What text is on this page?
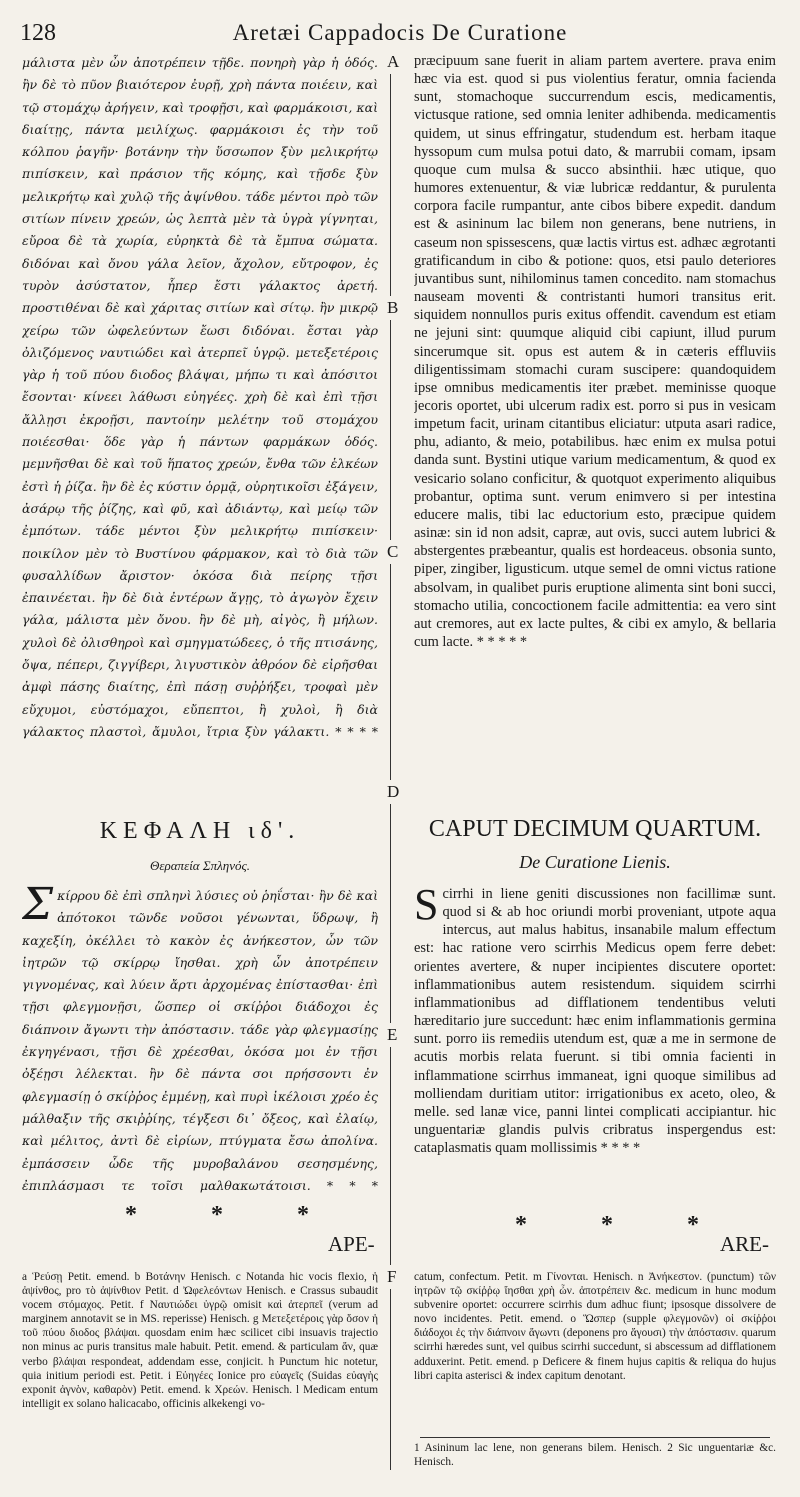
128	Aretæi Cappadocis De Curatione
A
B
C
D
E
F
μάλιστα μὲν ὦν ἀποτρέπειν τῇδε. πονηρὴ γὰρ ἡ ὁδός. ἢν δὲ τὸ πῦον βιαιότερον ἐυρῇ, χρὴ πάντα ποιέειν, καὶ τῷ στομάχῳ ἀρήγειν, καὶ τροφῇσι, καὶ φαρμάκοισι, καὶ διαίτῃς, πάντα μειλίχως. φαρμάκοισι ἐς τὴν τοῦ κόλπου ῥαγῆν· βοτάνην τὴν ὕσσωπον ξὺν μελικρήτῳ πιπίσκειν, καὶ πράσιον τῆς κόμης, καὶ τῇσδε ξὺν μελικρήτῳ καὶ χυλῷ τῆς ἀψίνθου. τάδε μέντοι πρὸ τῶν σιτίων πίνειν χρεών, ὡς λεπτὰ μὲν τὰ ὑγρὰ γίγνηται, εὔροα δὲ τὰ χωρία, εὐρηκτὰ δὲ τὰ ἔμπυα σώματα. διδόναι καὶ ὄνου γάλα λεῖον, ἄχολον, εὔτροφον, ἐς τυρὸν ἀσύστατον, ἧπερ ἔστι γάλακτος ἀρετή. προστιθέναι δὲ καὶ χάριτας σιτίων καὶ σίτῳ. ἢν μικρῷ χείρω τῶν ὠφελεύντων ἔωσι διδόναι. ἔσται γὰρ ὀλιζόμενος ναυτιώδει καὶ ἀτερπεῖ ὑγρῷ. μετεξετέροις γὰρ ἡ τοῦ πύου διοδος βλάψαι, μήπω τι καὶ ἀπόσιτοι ἔσονται· κίνεει λάθωσι εὐηγέες. χρὴ δὲ καὶ ἐπὶ τῇσι ἄλλῃσι ἐκροῇσι, παντοίην μελέτην τοῦ στομάχου ποιέεσθαι· ὅδε γὰρ ἡ πάντων φαρμάκων ὁδός. μεμνῆσθαι δὲ καὶ τοῦ ἥπατος χρεών, ἔνθα τῶν ἑλκέων ἐστὶ ἡ ῥίζα. ἢν δὲ ἐς κύστιν ὁρμᾷ, οὐρητικοῖσι ἐξάγειν, ἀσάρῳ τῆς ῥίζης, καὶ φῦ, καὶ ἀδιάντῳ, καὶ μείῳ τῶν ἐμπότων. τάδε μέντοι ξὺν μελικρήτῳ πιπίσκειν· ποικίλον μὲν τὸ Βυστίνου φάρμακον, καὶ τὸ διὰ τῶν φυσαλλίδων ἄριστον· ὁκόσα διὰ πείρης τῇσι ἐπαινέεται. ἢν δὲ διὰ ἐντέρων ἄγῃς, τὸ ἀγωγὸν ἔχειν γάλα, μάλιστα μὲν ὄνου. ἢν δὲ μὴ, αἰγὸς, ἢ μήλων. χυλοὶ δὲ ὀλισθηροὶ καὶ σμηγματώδεες, ὁ τῆς πτισάνης, ὄψα, πέπερι, ζιγγίβερι, λιγυστικὸν ἀθρόον δὲ εἰρῆσθαι ἀμφὶ πάσης διαίτης, ἐπὶ πάσῃ συῤῥήξει, τροφαὶ μὲν εὔχυμοι, εὐστόμαχοι, εὔπεπτοι, ἢ χυλοὶ, ἢ διὰ γάλακτος πλαστοὶ, ἄμυλοι, ἴτρια ξὺν γάλακτι. * * * *
ΚΕΦΑΛΗ ιδ'.
Θεραπεία Σπληνός.
Σκίρρου δὲ ἐπὶ σπληνὶ λύσιες οὐ ῥηΐσται· ἢν δὲ καὶ ἀπότοκοι τῶνδε νοῦσοι γένωνται, ὕδρωψ, ἢ καχεξίη, ὀκέλλει τὸ κακὸν ἐς ἀνήκεστον, ὧν τῶν ἰητρῶν τῷ σκίρρῳ ἴησθαι. χρὴ ὦν ἀποτρέπειν γιγνομένας, καὶ λύειν ἄρτι ἀρχομένας ἐπίστασθαι· ἐπὶ τῇσι φλεγμονῇσι, ὥσπερ οἱ σκίῤῥοι διάδοχοι ἐς διάπνοιν ἄγωντι τὴν ἀπόστασιν. τάδε γὰρ φλεγμασίῃς ἐκγηγένασι, τῇσι δὲ χρέεσθαι, ὁκόσα μοι ἐν τῇσι ὀξέῃσι λέλεκται. ἢν δὲ πάντα σοι πρήσσοντι ἐν φλεγμασίῃ ὁ σκίῤῥος ἐμμένῃ, καὶ πυρὶ ἰκέλοισι χρέο ἐς μάλθαξιν τῆς σκιῤῥίης, τέγξεσι δι᾽ ὄξεος, καὶ ἐλαίῳ, καὶ μέλιτος, ἀντὶ δὲ εἰρίων, πτύγματα ἔσω ἀπολίνα. ἐμπάσσειν ὧδε τῆς μυροβαλάνου σεσησμένης, ἐπιπλάσμασι τε τοῖσι μαλθακωτάτοισι. * * *
* * *
ΑΡΕ-
præcipuum sane fuerit in aliam partem avertere. prava enim hæc via est. quod si pus violentius feratur, omnia facienda sunt, stomachoque succurrendum escis, medicamentis, victusque ratione, sed omnia leniter adhibenda. medicamentis quidem, ut sinus effringatur, studendum est. herbam itaque hyssopum cum mulsa potui dato, & marrubii comam, ipsam quoque cum mulsa & succo absinthii. hæc utique, quo humores extenuentur, & viæ lubricæ reddantur, & purulenta corpora facile rumpantur, ante cibos bibere expedit. dandum est & asininum lac bilem non generans, bene nutriens, in caseum non spissescens, quæ lactis virtus est. adhæc ægrotanti gratificandum in cibo & potione: quos, etsi paulo deteriores juvantibus sunt, nihilominus tamen concedito. nam stomachus nauseam moventi & contristanti humori transitus erit. siquidem nonnullos puris exitus offendit. cavendum est etiam ne jejuni sint: quumque aliquid cibi capiunt, illud purum sincerumque sit. opus est autem & in cæteris effluviis diligentissimam stomachi curam suscipere: quandoquidem ipse omnibus medicamentis iter præbet. meminisse quoque jecoris oportet, ubi ulcerum radix est. porro si pus in vesicam impetum facit, urinam citantibus eliciatur: utputa asari radice, phu, adianto, & meio, potabilibus. hæc enim ex mulsa potui danda sunt. Bystini utique varium medicamentum, & quod ex vesicario solano conficitur, & quotquot experimento aliquibus probantur, optima sunt. verum enimvero si per intestina educere malis, tibi lac eductorium esto, præcipue quidem asinæ: sin id non adsit, capræ, aut ovis, succi autem lubrici & abstergentes præbeantur, qualis est hordeaceus. obsonia sunto, piper, zingiber, ligusticum. utque semel de omni victus ratione absolvam, in qualibet puris eruptione alimenta sint boni succi, stomacho utilia, concoctionem facile admittentia: ea vero sint aut cremores, aut ex lacte pultes, & cibi ex amylo, & bellaria cum lacte. * * * * *
CAPUT DECIMUM QUARTUM.
De Curatione Lienis.
Scirrhi in liene geniti discussiones non facillimæ sunt. quod si & ab hoc oriundi morbi proveniant, utpote aqua intercus, aut malus habitus, insanabile malum effectum est: hac ratione vero scirrhis Medicus opem ferre debet: orientes avertere, & nuper incipientes discutere oportet: inflammationibus autem resistendum. siquidem scirrhi inflammationibus ad difflationem tendentibus veluti hæreditario jure succedunt: hæc enim inflammationis germina sunt. porro iis remediis utendum est, quæ a me in sermone de acutis morbis relata fuerunt. si tibi omnia facienti in inflammatione scirrhus immaneat, igni quoque similibus ad molliendam duritiam utitor: irrigationibus ex aceto, oleo, & melle. sed lanæ vice, panni lintei complicati accipiantur. hic unguentariæ glandis pulvis cribratus inspergendus est: cataplasmatis quam mollissimis * * * *
* * *
ARE-
a Ῥεύσῃ Petit. emend. b Βοτάνην Henisch. c Notanda hic vocis flexio, ἡ ἀψίνθος, pro τὸ ἀψίνθιον Petit. d Ὠφελεόντων Henisch. e Crassus subaudit vocem στόμαχος. Petit. f Ναυτιώδει ὑγρῷ omisit καὶ ἀτερπεῖ (verum ad marginem annotavit se in MS. reperisse) Henisch. g Μετεξετέροις γὰρ ὅσον ἡ τοῦ πύου διοδος βλάψαι. quosdam enim hæc scilicet cibi insuavis trajectio non minus ac puris transitus male habuit. Petit. emend. & particulam ἄν, quæ verbo βλάψαι respondeat, addendam esse, conjicit. h Punctum hic notetur, quia initium periodi est. Petit. i Εὐηγέες Ionice pro εὐαγεῖς (Suidas εὐαγὴς exponit ἁγνὸν, καθαρὸν) Petit. emend. k Χρεών. Henisch. l Medicam entum intelligit ex solano halicacabo, officinis alkekengi vo-
catum, confectum. Petit. m Γίνονται. Henisch. n Ἀνήκεστον. (punctum) τῶν ἰητρῶν τῷ σκίῤῥῳ ἴησθαι χρὴ ὦν. ἀποτρέπειν &c. medicum in hunc modum subvenire oportet: occurrere scirrhis dum adhuc fiunt; ipsosque dissolvere de novo incidentes. Petit. emend. o Ὥσπερ (supple φλεγμονῶν) οἱ σκίῤῥοι διάδοχοι ἐς τὴν διάπνοιν ἄγωντι (deponens pro ἄγουσι) τὴν ἀπόστασιν. quarum scirrhi hæredes sunt, vel quibus scirrhi succedunt, si abscessum ad difflationem adduxerint. Petit. emend. p Deficere & finem hujus capitis & reliqua do hujus libri capita asterisci & index capitum denotant.
1 Asininum lac lene, non generans bilem. Henisch. 2 Sic unguentariæ &c. Henisch.
